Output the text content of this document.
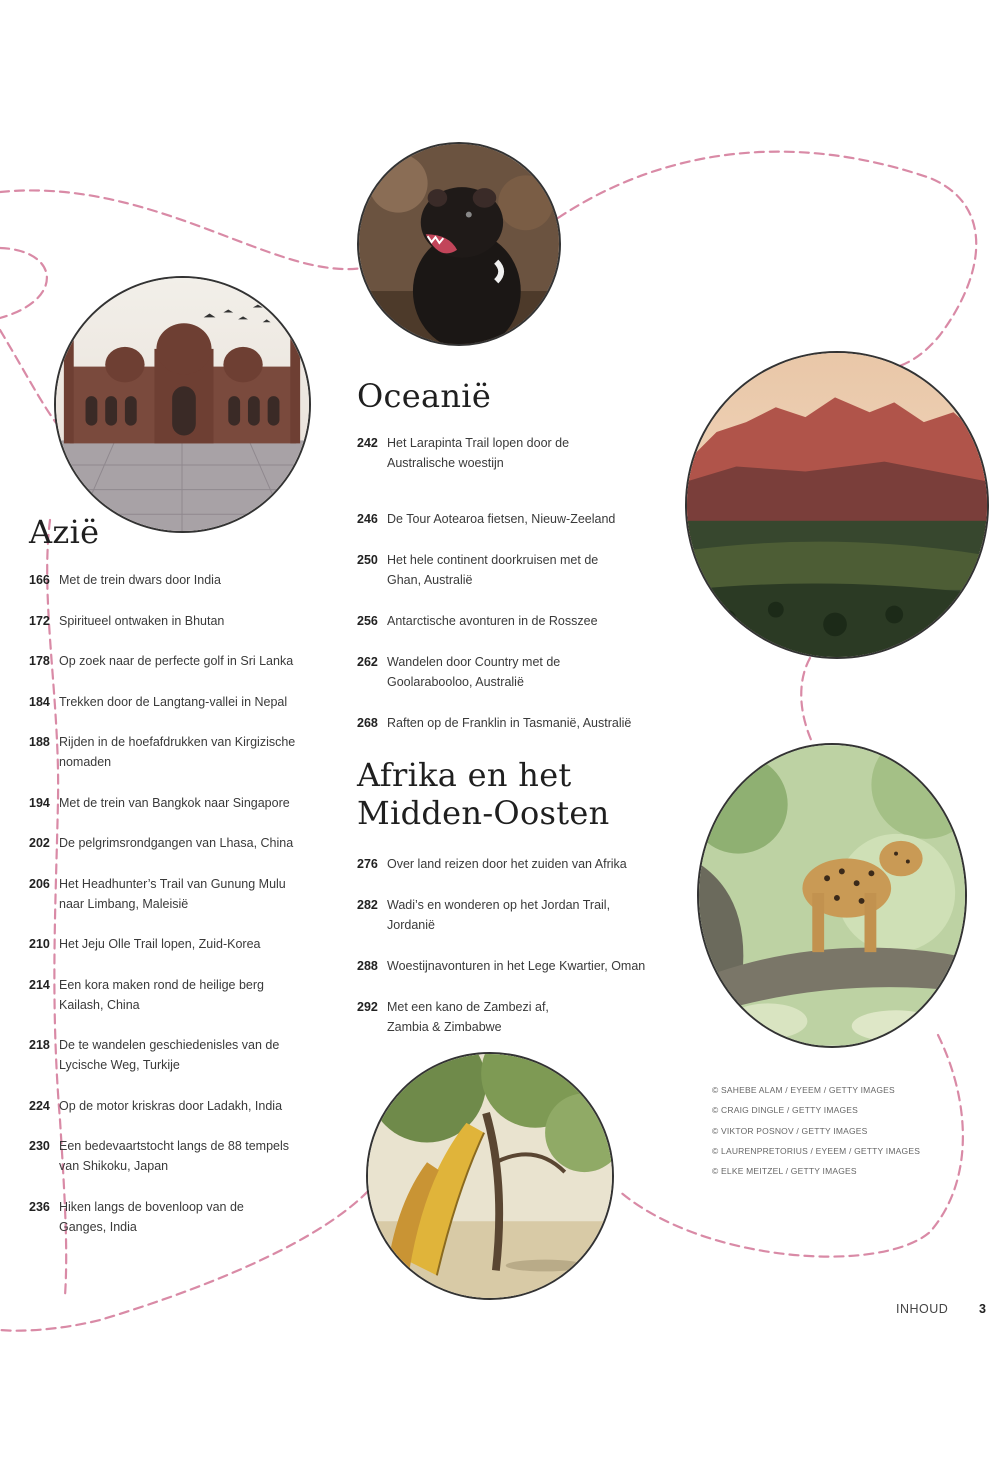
Oceanië
Azië
Afrika en het
Midden-Oosten
166 Met de trein dwars door India
172 Spiritueel ontwaken in Bhutan
178 Op zoek naar de perfecte golf in Sri Lanka
184 Trekken door de Langtang-vallei in Nepal
188 Rijden in de hoefafdrukken van Kirgizische
nomaden
194 Met de trein van Bangkok naar Singapore
202 De pelgrimsrondgangen van Lhasa, China
206 Het Headhunter’s Trail van Gunung Mulu
naar Limbang, Maleisië
210 Het Jeju Olle Trail lopen, Zuid-Korea
214 Een kora maken rond de heilige berg
Kailash, China
218 De te wandelen geschiedenisles van de
Lycische Weg, Turkije
224 Op de motor kriskras door Ladakh, India
230 Een bedevaartstocht langs de 88 tempels
van Shikoku, Japan
236 Hiken langs de bovenloop van de
Ganges, India
242 Het Larapinta Trail lopen door de
Australische woestijn
246 De Tour Aotearoa fietsen, Nieuw-Zeeland
250 Het hele continent doorkruisen met de
Ghan, Australië
256 Antarctische avonturen in de Rosszee
262 Wandelen door Country met de
Goolarabooloo, Australië
268 Raften op de Franklin in Tasmanië, Australië
276 Over land reizen door het zuiden van Afrika
282 Wadi’s en wonderen op het Jordan Trail,
Jordanië
288 Woestijnavonturen in het Lege Kwartier, Oman
292 Met een kano de Zambezi af,
Zambia & Zimbabwe
© SAHEBE ALAM / EYEEM / GETTY IMAGES
© CRAIG DINGLE / GETTY IMAGES
© VIKTOR POSNOV / GETTY IMAGES
© LAURENPRETORIUS / EYEEM / GETTY IMAGES
© ELKE MEITZEL / GETTY IMAGES
INHOUD 3
